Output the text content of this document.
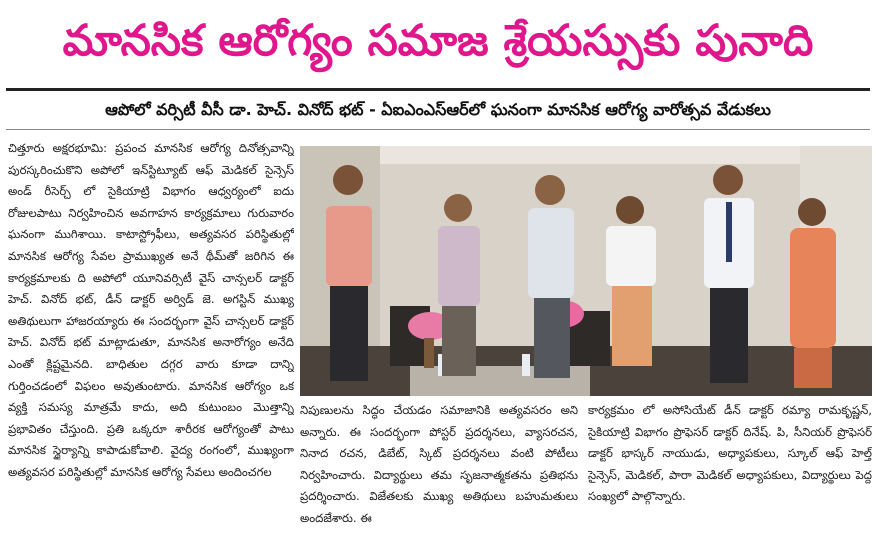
మానసిక ఆరోగ్యం సమాజ శ్రేయస్సుకు పునాది
ఆపోలో వర్సిటీ వీసీ డా. హెచ్. వినోద్ భట్ - ఏఐఎంఎస్ఆర్‌లో ఘనంగా మానసిక ఆరోగ్య వారోత్సవ వేడుకలు

చిత్తూరు అక్షరభూమి: ప్రపంచ మానసిక ఆరోగ్య దినోత్సవాన్ని పురస్కరించుకొని అపోలో ఇన్‌స్టిట్యూట్ ఆఫ్ మెడికల్ సైన్సెస్ అండ్ రీసెర్చ్ లో సైకియాట్రి విభాగం ఆధ్వర్యంలో ఐదు రోజులపాటు నిర్వహించిన అవగాహన కార్యక్రమాలు గురువారం ఘనంగా ముగిశాయి. కాటాస్ట్రోఫీలు, అత్యవసర పరిస్థితుల్లో మానసిక ఆరోగ్య సేవల ప్రాముఖ్యత అనే థీమ్‌తో జరిగిన ఈ కార్యక్రమాలకు ది అపోలో యూనివర్సిటీ వైస్ చాన్సలర్ డాక్టర్ హెచ్. వినోద్ భట్, డీన్ డాక్టర్ అర్విడ్ జె. అగస్టిన్ ముఖ్య అతిథులుగా హాజరయ్యారు ఈ సందర్భంగా వైస్ చాన్సలర్ డాక్టర్ హెచ్. వినోద్ భట్ మాట్లాడుతూ, మానసిక అనారోగ్యం అనేది ఎంతో క్లిష్టమైనది. బాధితుల దగ్గర వారు కూడా దాన్ని గుర్తించడంలో విఫలం అవుతుంటారు. మానసిక ఆరోగ్యం ఒక వ్యక్తి సమస్య మాత్రమే కాదు, అది కుటుంబం మొత్తాన్ని ప్రభావితం చేస్తుంది. ప్రతి ఒక్కరూ శారీరక ఆరోగ్యంతో పాటు మానసిక స్థైర్యాన్ని కాపాడుకోవాలి. వైద్య రంగంలో, ముఖ్యంగా అత్యవసర పరిస్థితుల్లో మానసిక ఆరోగ్య సేవలు అందించగల

నిపుణులను సిద్ధం చేయడం సమాజానికి అత్యవసరం అని అన్నారు. ఈ సందర్భంగా పోస్టర్ ప్రదర్శనలు, వ్యాసరచన, నినాద రచన, డిబేట్, స్కిట్ ప్రదర్శనలు వంటి పోటీలు నిర్వహించారు. విద్యార్థులు తమ సృజనాత్మకతను ప్రతిభను ప్రదర్శించారు. విజేతలకు ముఖ్య అతిథులు బహుమతులు అందజేశారు. ఈ

కార్యక్రమం లో అసోసియేట్ డీన్ డాక్టర్ రమ్యా రామకృష్ణన్, సైకియాట్రి విభాగం ప్రొఫెసర్ డాక్టర్ దినేష్. పి, సీనియర్ ప్రొఫెసర్ డాక్టర్ భాస్కర్ నాయుడు, అధ్యాపకులు, స్కూల్ ఆఫ్ హెల్త్ సైన్సెస్, మెడికల్, పారా మెడికల్ అధ్యాపకులు, విద్యార్థులు పెద్ద సంఖ్యలో పాల్గొన్నారు.
